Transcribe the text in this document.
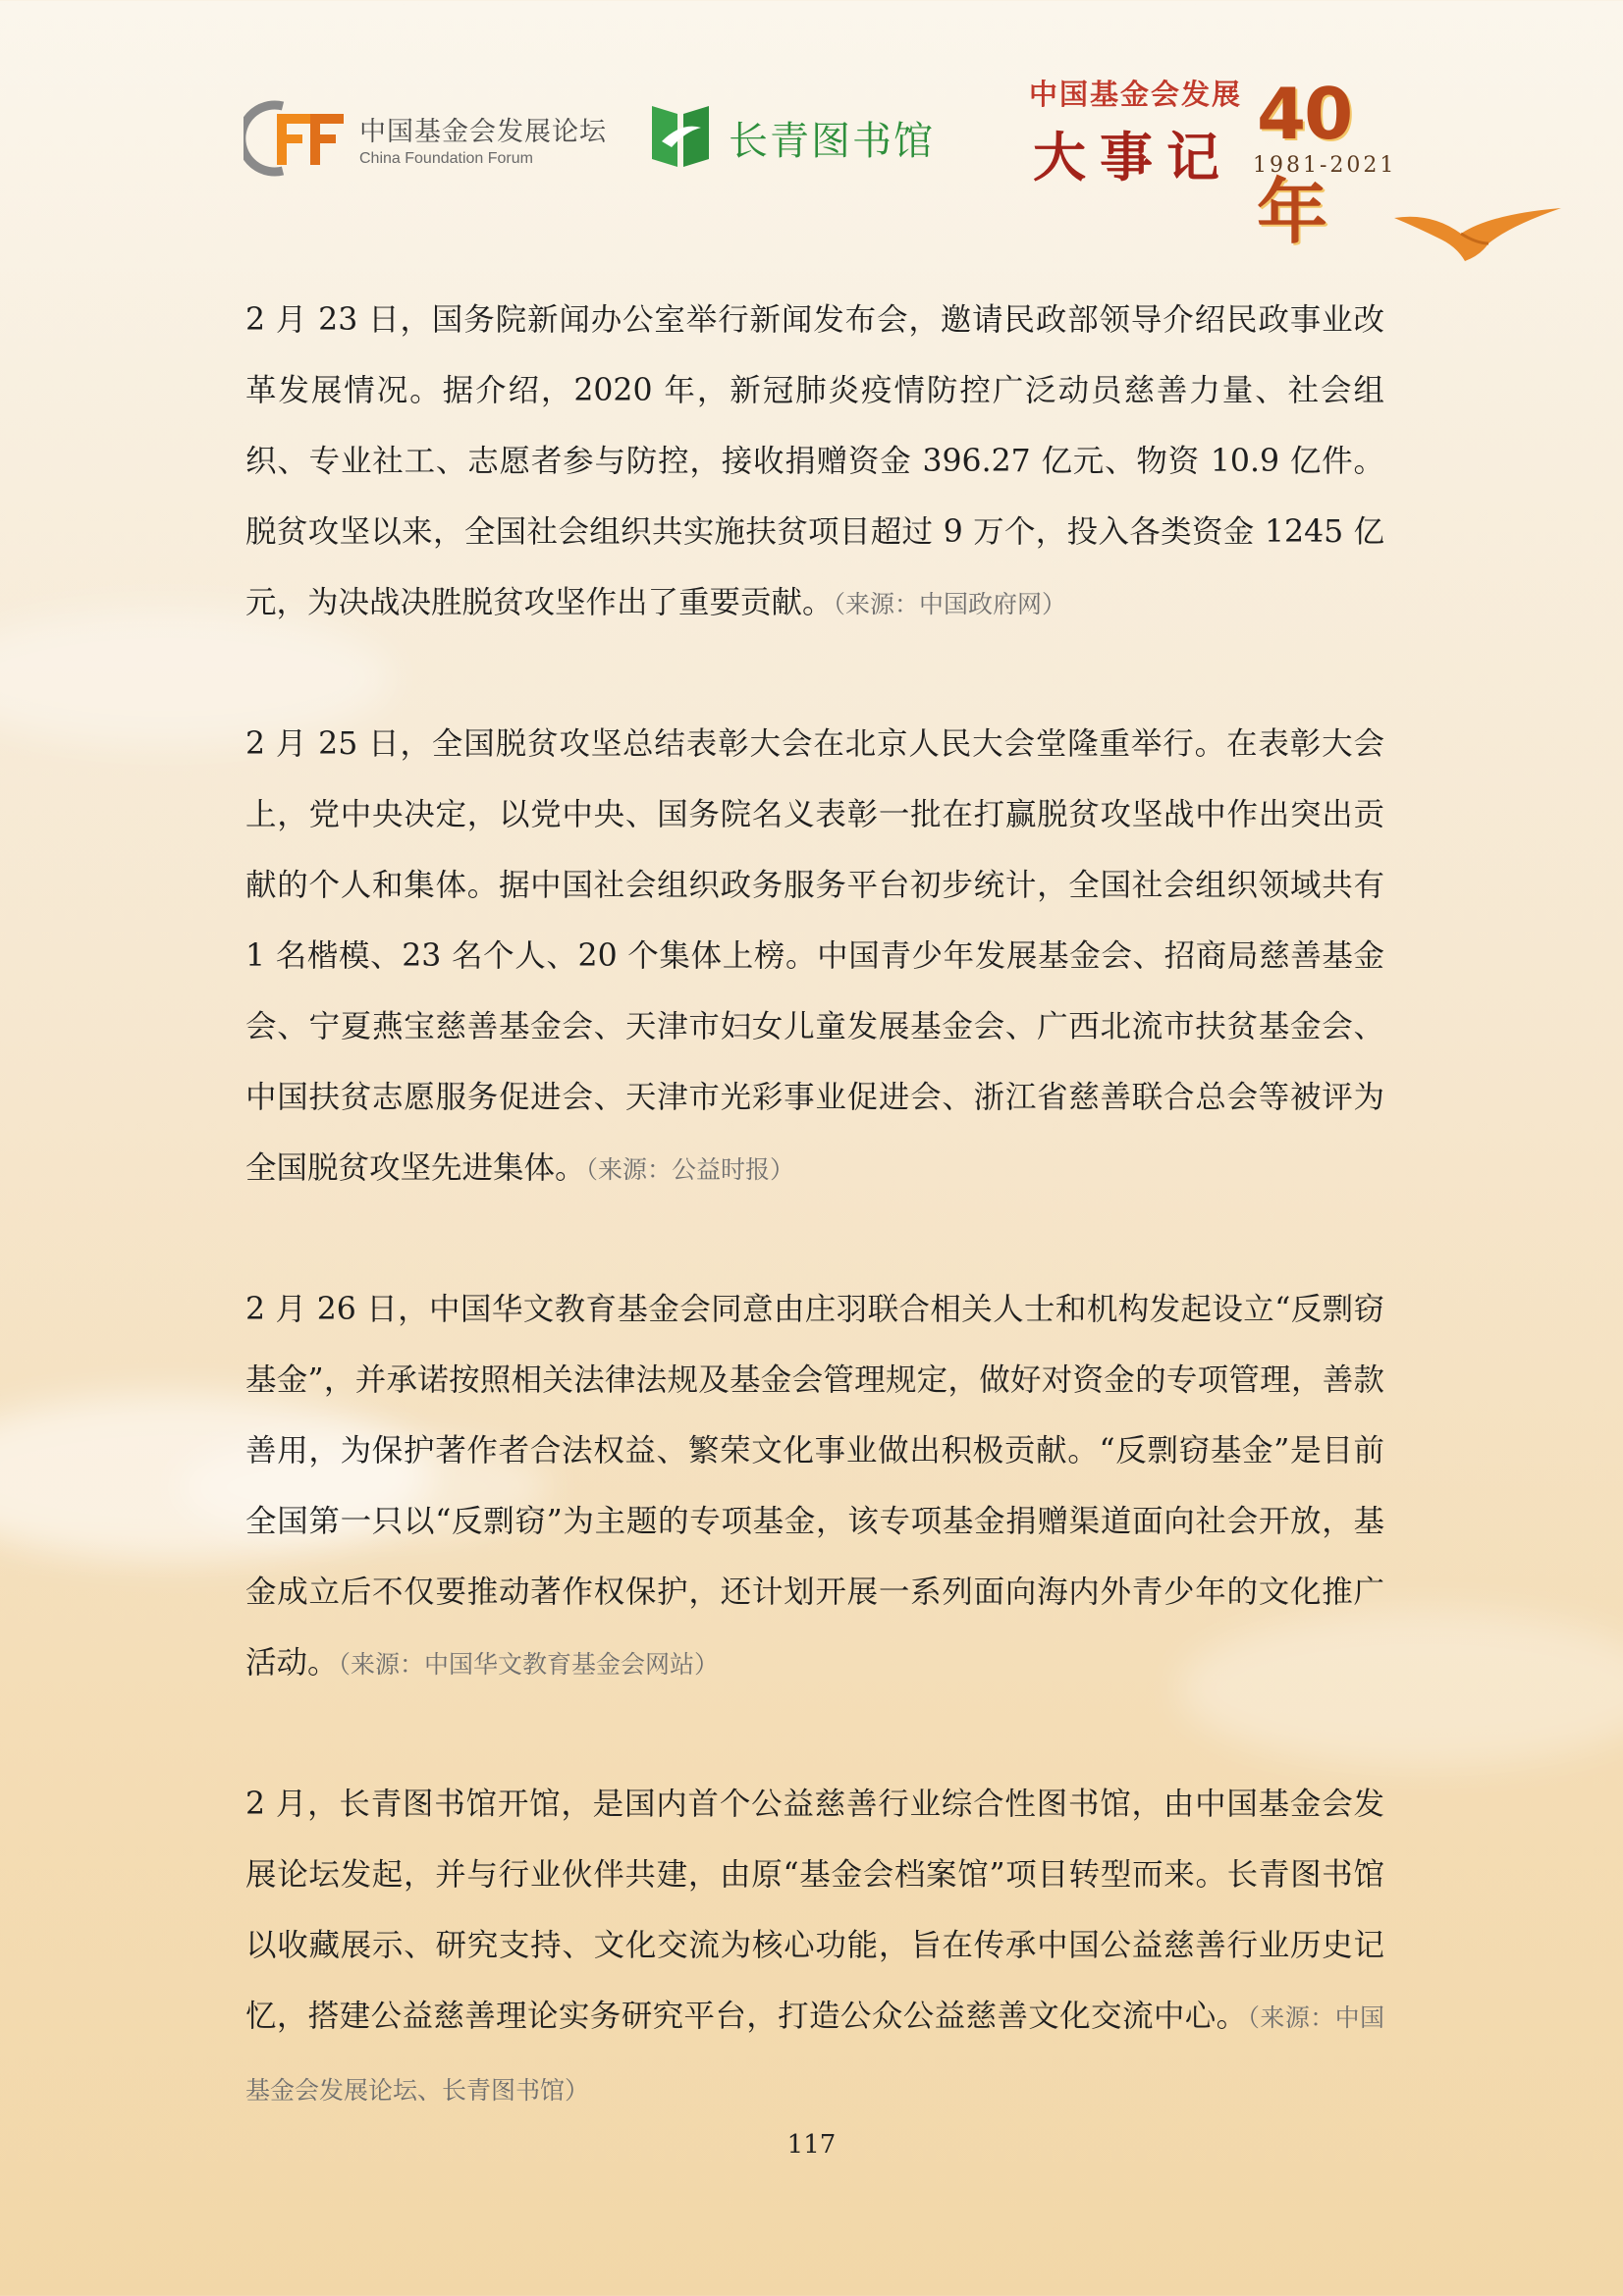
中国基金会发展论坛
China Foundation Forum	长青图书馆
中国基金会发展
大事记
40年
1981-2021

2 月 23 日，国务院新闻办公室举行新闻发布会，邀请民政部领导介绍民政事业改革发展情况。据介绍，2020 年，新冠肺炎疫情防控广泛动员慈善力量、社会组织、专业社工、志愿者参与防控，接收捐赠资金 396.27 亿元、物资 10.9 亿件。脱贫攻坚以来，全国社会组织共实施扶贫项目超过 9 万个，投入各类资金 1245 亿元，为决战决胜脱贫攻坚作出了重要贡献。（来源：中国政府网）

2 月 25 日，全国脱贫攻坚总结表彰大会在北京人民大会堂隆重举行。在表彰大会上，党中央决定，以党中央、国务院名义表彰一批在打赢脱贫攻坚战中作出突出贡献的个人和集体。据中国社会组织政务服务平台初步统计，全国社会组织领域共有 1 名楷模、23 名个人、20 个集体上榜。中国青少年发展基金会、招商局慈善基金会、宁夏燕宝慈善基金会、天津市妇女儿童发展基金会、广西北流市扶贫基金会、中国扶贫志愿服务促进会、天津市光彩事业促进会、浙江省慈善联合总会等被评为全国脱贫攻坚先进集体。（来源：公益时报）

2 月 26 日，中国华文教育基金会同意由庄羽联合相关人士和机构发起设立“反剽窃基金”，并承诺按照相关法律法规及基金会管理规定，做好对资金的专项管理，善款善用，为保护著作者合法权益、繁荣文化事业做出积极贡献。“反剽窃基金”是目前全国第一只以“反剽窃”为主题的专项基金，该专项基金捐赠渠道面向社会开放，基金成立后不仅要推动著作权保护，还计划开展一系列面向海内外青少年的文化推广活动。（来源：中国华文教育基金会网站）

2 月，长青图书馆开馆，是国内首个公益慈善行业综合性图书馆，由中国基金会发展论坛发起，并与行业伙伴共建，由原“基金会档案馆”项目转型而来。长青图书馆以收藏展示、研究支持、文化交流为核心功能，旨在传承中国公益慈善行业历史记忆，搭建公益慈善理论实务研究平台，打造公众公益慈善文化交流中心。（来源：中国基金会发展论坛、长青图书馆）

117
